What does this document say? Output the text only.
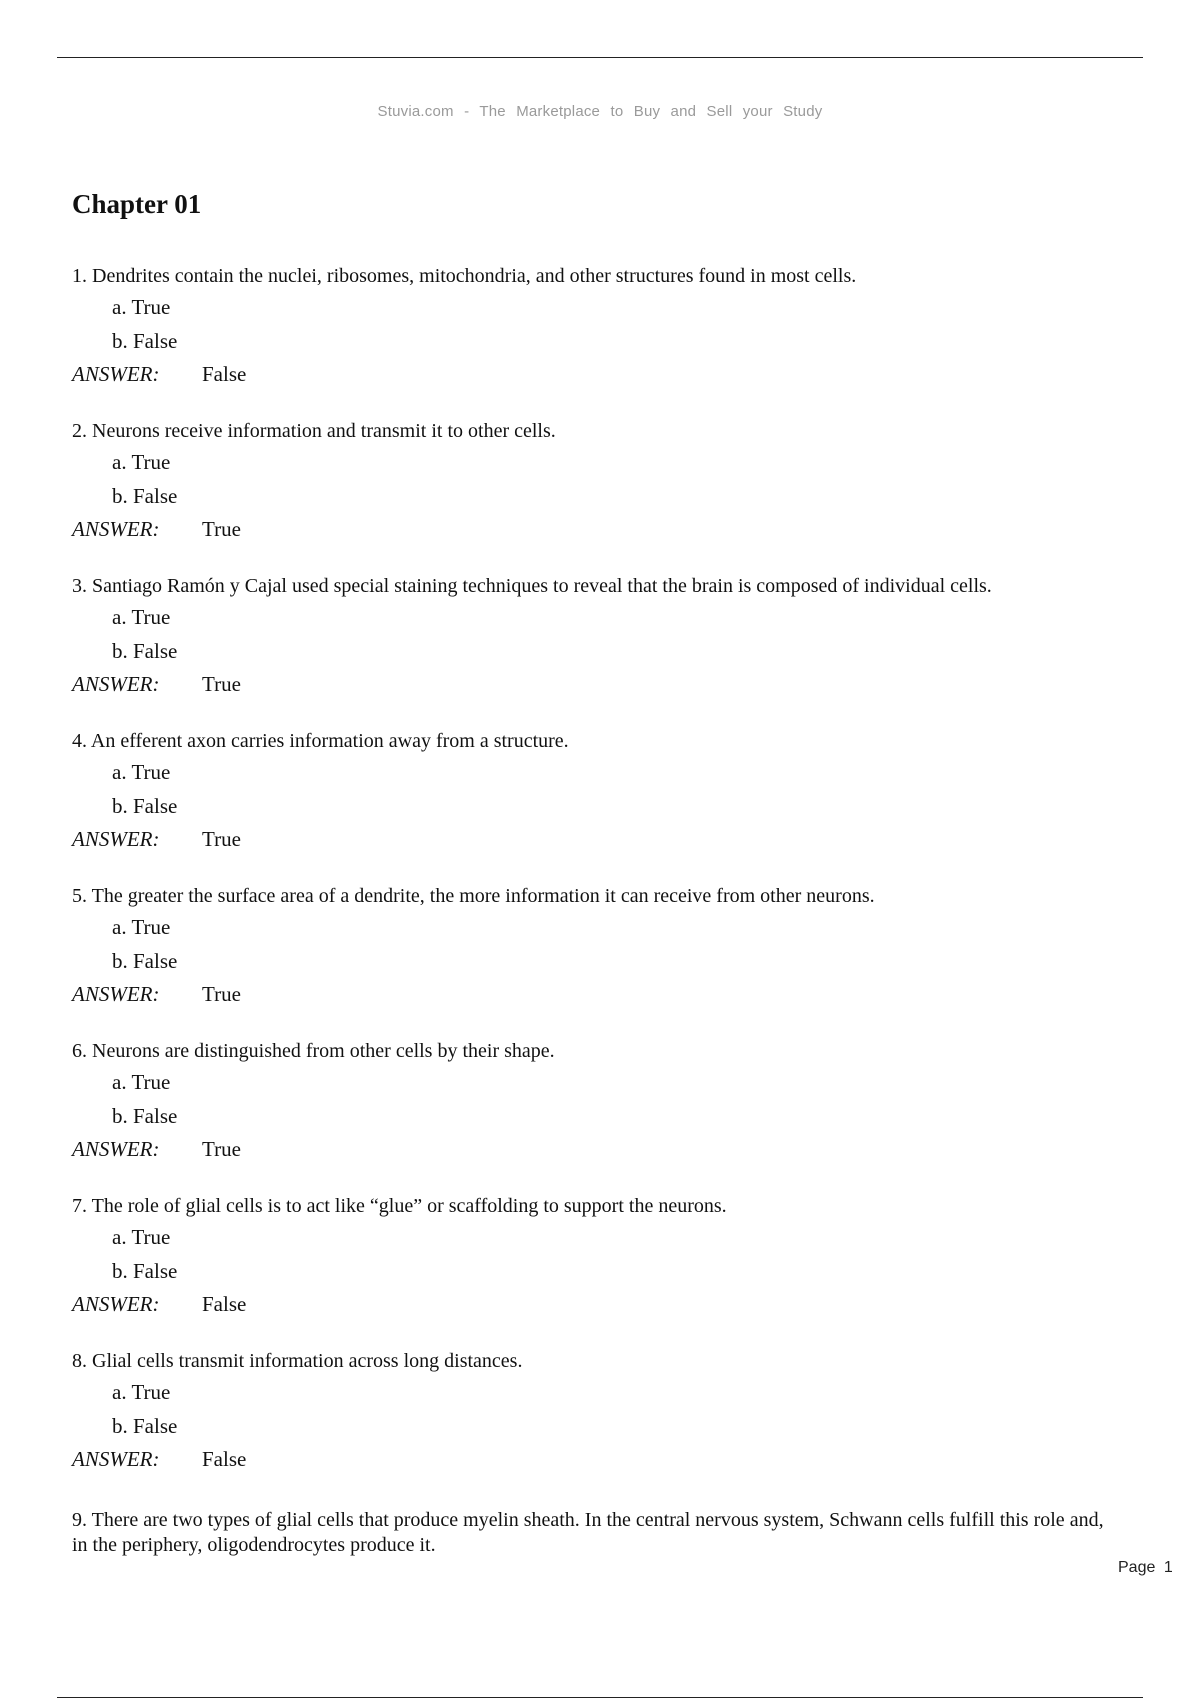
Stuvia.com - The Marketplace to Buy and Sell your Study
Chapter 01
1. Dendrites contain the nuclei, ribosomes, mitochondria, and other structures found in most cells.
a. True
b. False
ANSWER: False
2. Neurons receive information and transmit it to other cells.
a. True
b. False
ANSWER: True
3. Santiago Ramón y Cajal used special staining techniques to reveal that the brain is composed of individual cells.
a. True
b. False
ANSWER: True
4. An efferent axon carries information away from a structure.
a. True
b. False
ANSWER: True
5. The greater the surface area of a dendrite, the more information it can receive from other neurons.
a. True
b. False
ANSWER: True
6. Neurons are distinguished from other cells by their shape.
a. True
b. False
ANSWER: True
7. The role of glial cells is to act like “glue” or scaffolding to support the neurons.
a. True
b. False
ANSWER: False
8. Glial cells transmit information across long distances.
a. True
b. False
ANSWER: False
9. There are two types of glial cells that produce myelin sheath. In the central nervous system, Schwann cells fulfill this role and, in the periphery, oligodendrocytes produce it.
Page 1
